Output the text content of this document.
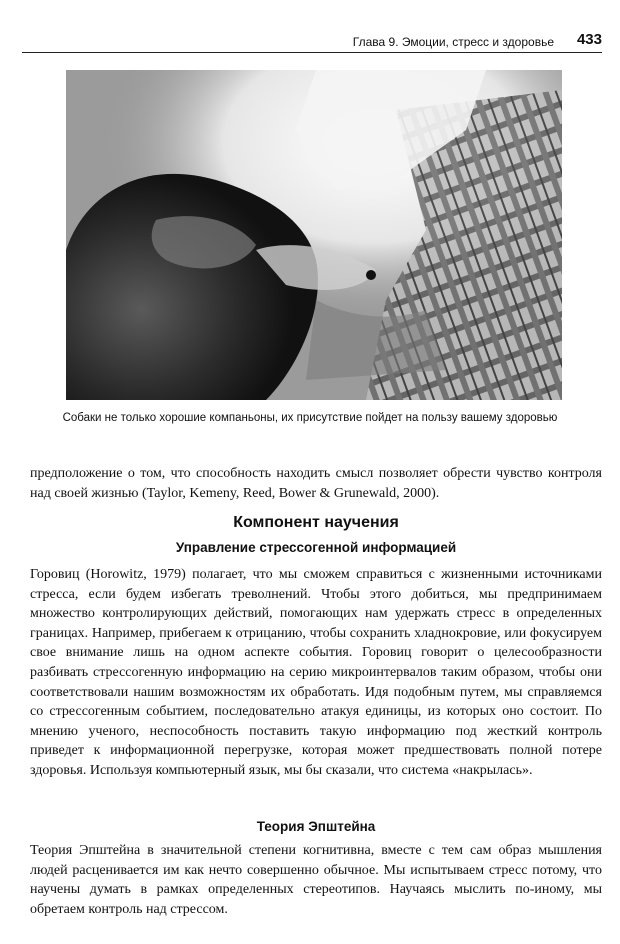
Глава 9. Эмоции, стресс и здоровье 433
Собаки не только хорошие компаньоны, их присутствие пойдет на пользу вашему здоровью

предположение о том, что способность находить смысл позволяет обрести чувство контроля над своей жизнью (Taylor, Kemeny, Reed, Bower & Grunewald, 2000).

Компонент научения
Управление стрессогенной информацией

Горовиц (Horowitz, 1979) полагает, что мы сможем справиться с жизненными источниками стресса, если будем избегать треволнений. Чтобы этого добиться, мы предпринимаем множество контролирующих действий, помогающих нам удержать стресс в определенных границах. Например, прибегаем к отрицанию, чтобы сохранить хладнокровие, или фокусируем свое внимание лишь на одном аспекте события. Горовиц говорит о целесообразности разбивать стрессогенную информацию на серию микроинтервалов таким образом, чтобы они соответствовали нашим возможностям их обработать. Идя подобным путем, мы справляемся со стрессогенным событием, последовательно атакуя единицы, из которых оно состоит. По мнению ученого, неспособность поставить такую информацию под жесткий контроль приведет к информационной перегрузке, которая может предшествовать полной потере здоровья. Используя компьютерный язык, мы бы сказали, что система «накрылась».

Теория Эпштейна

Теория Эпштейна в значительной степени когнитивна, вместе с тем сам образ мышления людей расценивается им как нечто совершенно обычное. Мы испытываем стресс потому, что научены думать в рамках определенных стереотипов. Научаясь мыслить по-иному, мы обретаем контроль над стрессом.
